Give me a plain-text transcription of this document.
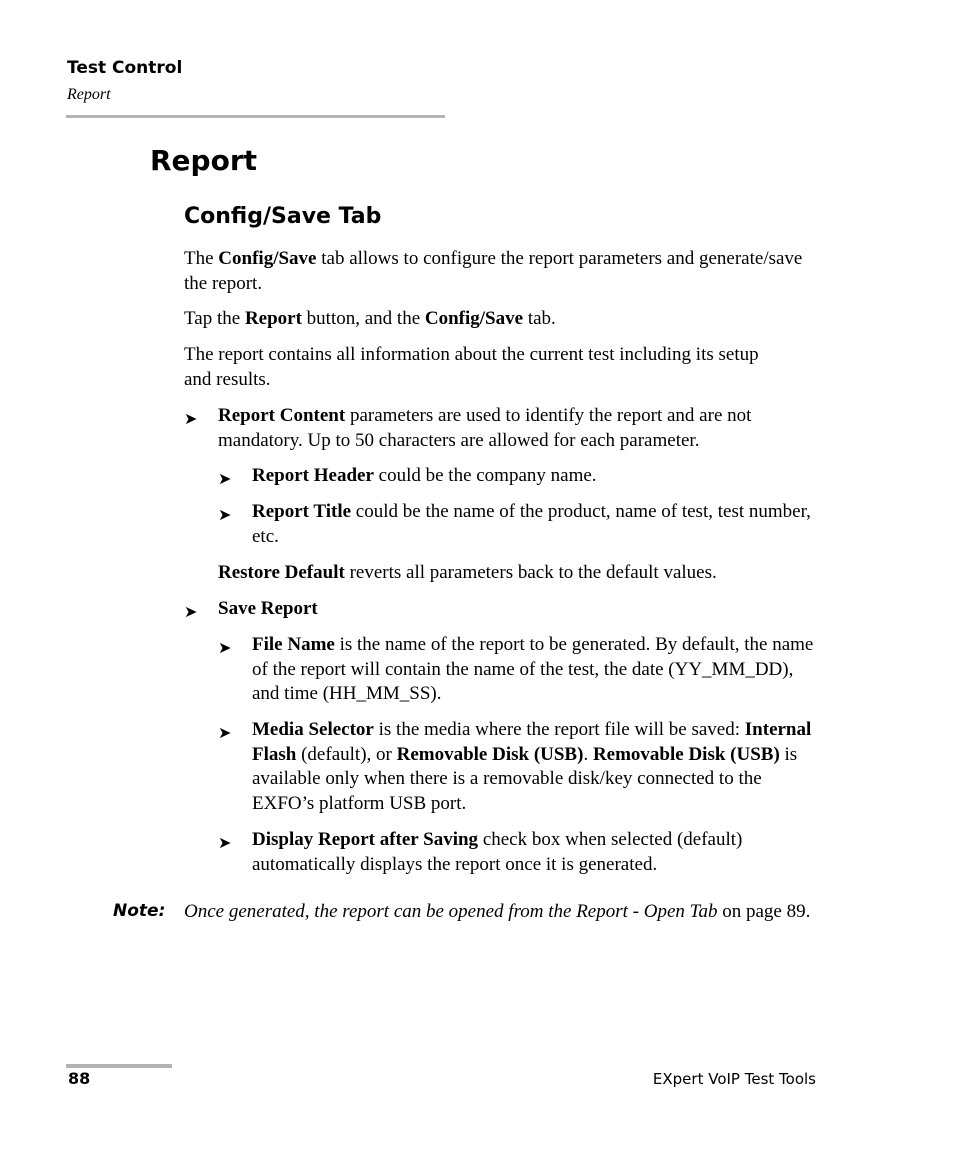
Test Control
Report
Report
Config/Save Tab

The Config/Save tab allows to configure the report parameters and generate/save the report.

Tap the Report button, and the Config/Save tab.

The report contains all information about the current test including its setup and results.

➤ Report Content parameters are used to identify the report and are not mandatory. Up to 50 characters are allowed for each parameter.

➤ Report Header could be the company name.

➤ Report Title could be the name of the product, name of test, test number, etc.

Restore Default reverts all parameters back to the default values.

➤ Save Report

➤ File Name is the name of the report to be generated. By default, the name of the report will contain the name of the test, the date (YY_MM_DD), and time (HH_MM_SS).

➤ Media Selector is the media where the report file will be saved: Internal Flash (default), or Removable Disk (USB). Removable Disk (USB) is available only when there is a removable disk/key connected to the EXFO’s platform USB port.

➤ Display Report after Saving check box when selected (default) automatically displays the report once it is generated.

Note: Once generated, the report can be opened from the Report - Open Tab on page 89.

88	EXpert VoIP Test Tools
